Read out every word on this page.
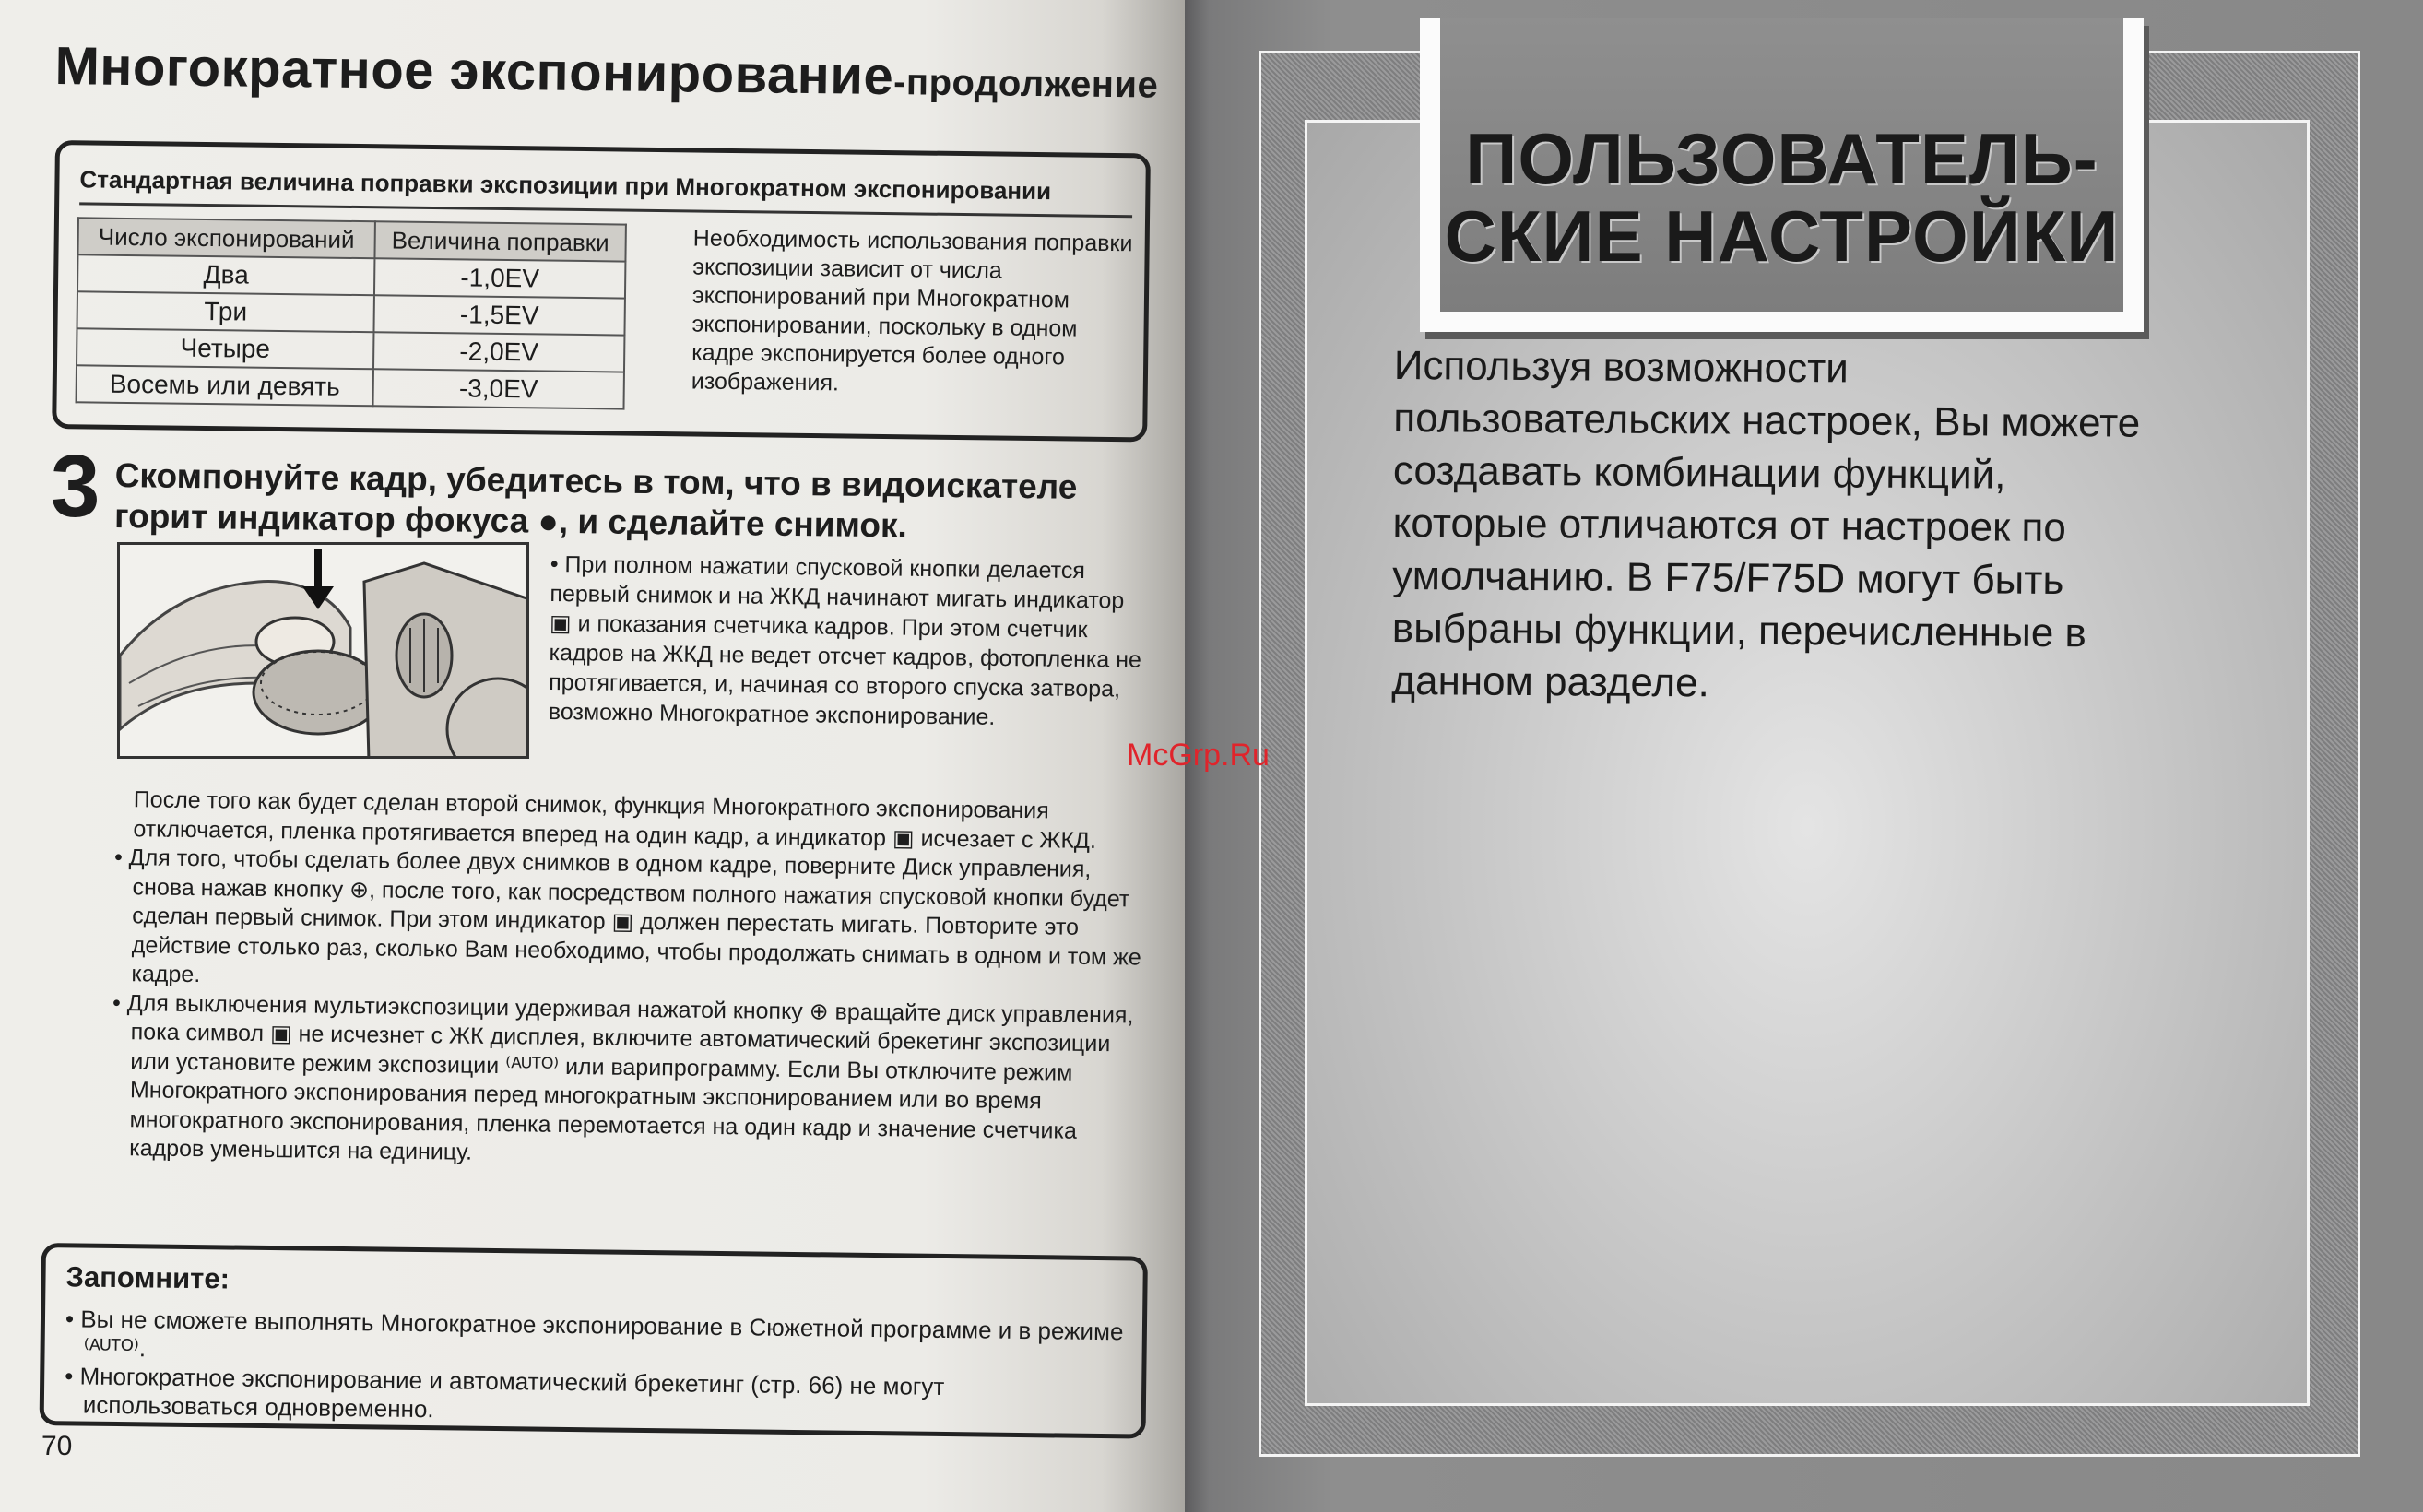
Многократное экспонирование-продолжение

Стандартная величина поправки экспозиции при Многократном экспонировании

Число экспонирований	Величина поправки
Два	-1,0EV
Три	-1,5EV
Четыре	-2,0EV
Восемь или девять	-3,0EV

Необходимость использования поправки экспозиции зависит от числа экспонирований при Многократном экспонировании, поскольку в одном кадре экспонируется более одного изображения.

3 Скомпонуйте кадр, убедитесь в том, что в видоискателе горит индикатор фокуса ●, и сделайте снимок.

• При полном нажатии спусковой кнопки делается первый снимок и на ЖКД начинают мигать индикатор ▣ и показания счетчика кадров. При этом счетчик кадров на ЖКД не ведет отсчет кадров, фотопленка не протягивается, и, начиная со второго спуска затвора, возможно Многократное экспонирование.

После того как будет сделан второй снимок, функция Многократного экспонирования отключается, пленка протягивается вперед на один кадр, а индикатор ▣ исчезает с ЖКД.

• Для того, чтобы сделать более двух снимков в одном кадре, поверните Диск управления, снова нажав кнопку ⊕, после того, как посредством полного нажатия спусковой кнопки будет сделан первый снимок. При этом индикатор ▣ должен перестать мигать. Повторите это действие столько раз, сколько Вам необходимо, чтобы продолжать снимать в одном и том же кадре.

• Для выключения мультиэкспозиции удерживая нажатой кнопку ⊕ вращайте диск управления, пока символ ▣ не исчезнет с ЖК дисплея, включите автоматический брекетинг экспозиции или установите режим экспозиции ⁽ᴬᵁᵀᴼ⁾ или варипрограмму. Если Вы отключите режим Многократного экспонирования перед многократным экспонированием или во время многократного экспонирования, пленка перемотается на один кадр и значение счетчика кадров уменьшится на единицу.

Запомните:

• Вы не сможете выполнять Многократное экспонирование в Сюжетной программе и в режиме ⁽ᴬᵁᵀᴼ⁾.
• Многократное экспонирование и автоматический брекетинг (стр. 66) не могут использоваться одновременно.
70
ПОЛЬЗОВАТЕЛЬ-
СКИЕ НАСТРОЙКИ

Используя возможности пользовательских настроек, Вы можете создавать комбинации функций, которые отличаются от настроек по умолчанию. В F75/F75D могут быть выбраны функции, перечисленные в данном разделе.

McGrp.Ru
